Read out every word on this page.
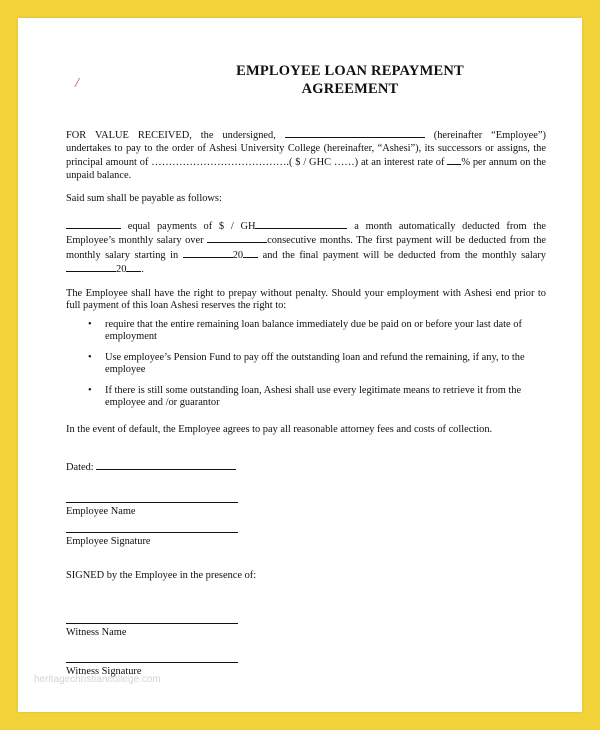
/
EMPLOYEE LOAN REPAYMENT
AGREEMENT

FOR VALUE RECEIVED, the undersigned,	(hereinafter “Employee”) undertakes to pay to the order of Ashesi University College (hereinafter, “Ashesi”), its successors or assigns, the principal amount of ………………………………….( $ / GHC ……) at an interest rate of % per annum on the unpaid balance.

Said sum shall be payable as follows:

equal payments of $ / GH	a month automatically deducted from the Employee’s monthly salary over	consecutive months. The first payment will be deducted from the monthly salary starting in	20 and the final payment will be deducted from the monthly salary 20 .

The Employee shall have the right to prepay without penalty. Should your employment with Ashesi end prior to full payment of this loan Ashesi reserves the right to:

• require that the entire remaining loan balance immediately due be paid on or before your last date of employment
• Use employee’s Pension Fund to pay off the outstanding loan and refund the remaining, if any, to the employee
• If there is still some outstanding loan, Ashesi shall use every legitimate means to retrieve it from the employee and /or guarantor

In the event of default, the Employee agrees to pay all reasonable attorney fees and costs of collection.

Dated:

Employee Name

Employee Signature

SIGNED by the Employee in the presence of:

Witness Name

Witness Signature

heritagechristiancollege.com
